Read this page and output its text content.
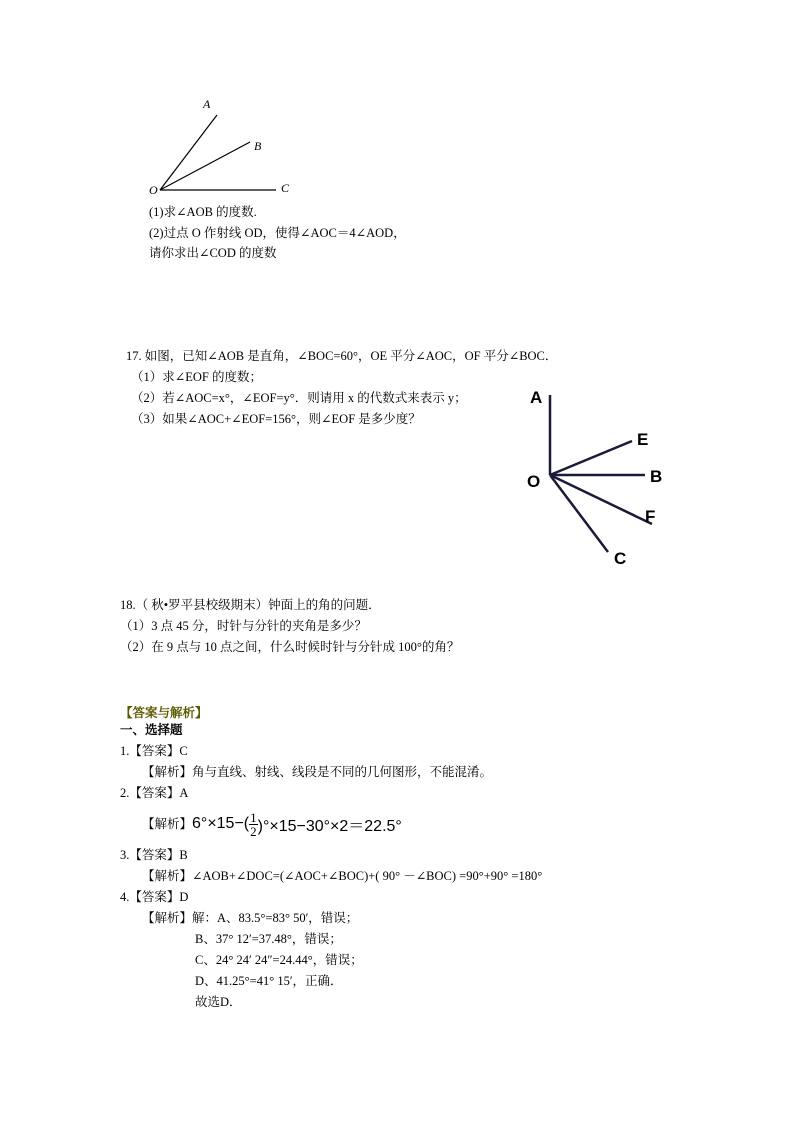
A
B
O	C
(1)求∠AOB 的度数.
(2)过点 O 作射线 OD，使得∠AOC＝4∠AOD，
请你求出∠COD 的度数
17. 如图，已知∠AOB 是直角，∠BOC=60°，OE 平分∠AOC，OF 平分∠BOC．
（1）求∠EOF 的度数；
（2）若∠AOC=x°，∠EOF=y°．则请用 x 的代数式来表示 y；
（3）如果∠AOC+∠EOF=156°，则∠EOF 是多少度？
A
E
O	B
F
C
18.（ 秋•罗平县校级期末）钟面上的角的问题．
（1）3 点 45 分，时针与分针的夹角是多少？
（2）在 9 点与 10 点之间，什么时候时针与分针成 100°的角？
【答案与解析】
一、选择题
1.【答案】C
【解析】角与直线、射线、线段是不同的几何图形，不能混淆。
2.【答案】A
【解析】 $6^\circ\times 15-( \frac{1}{2} )^\circ\times 15-30^\circ\times 2=22.5^\circ$
3.【答案】B
【解析】∠AOB+∠DOC=(∠AOC+∠BOC)+( 90° －∠BOC) =90°+90° =180°
4.【答案】D
【解析】解：A、83.5°=83° 50′，错误；
B、37° 12′=37.48°，错误；
C、24° 24′ 24″=24.44°，错误；
D、41.25°=41° 15′，正确．
故选D．
